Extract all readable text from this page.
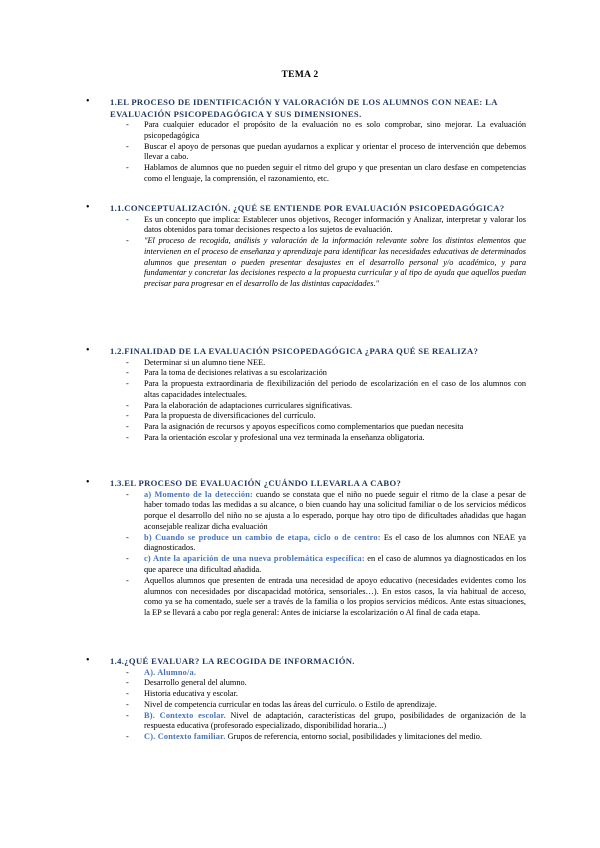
TEMA 2
• 1.EL PROCESO DE IDENTIFICACIÓN Y VALORACIÓN DE LOS ALUMNOS CON NEAE: LA EVALUACIÓN PSICOPEDAGÓGICA Y SUS DIMENSIONES.
- Para cualquier educador el propósito de la evaluación no es solo comprobar, sino mejorar. La evaluación psicopedagógica
- Buscar el apoyo de personas que puedan ayudarnos a explicar y orientar el proceso de intervención que debemos llevar a cabo.
- Hablamos de alumnos que no pueden seguir el ritmo del grupo y que presentan un claro desfase en competencias como el lenguaje, la comprensión, el razonamiento, etc.
• 1.1.CONCEPTUALIZACIÓN. ¿QUÉ SE ENTIENDE POR EVALUACIÓN PSICOPEDAGÓGICA?
- Es un concepto que implica: Establecer unos objetivos, Recoger información y Analizar, interpretar y valorar los datos obtenidos para tomar decisiones respecto a los sujetos de evaluación.
- "El proceso de recogida, análisis y valoración de la información relevante sobre los distintos elementos que intervienen en el proceso de enseñanza y aprendizaje para identificar las necesidades educativas de determinados alumnos que presentan o pueden presentar desajustes en el desarrollo personal y/o académico, y para fundamentar y concretar las decisiones respecto a la propuesta curricular y al tipo de ayuda que aquellos puedan precisar para progresar en el desarrollo de las distintas capacidades."
• 1.2.FINALIDAD DE LA EVALUACIÓN PSICOPEDAGÓGICA ¿PARA QUÉ SE REALIZA?
- Determinar si un alumno tiene NEE.
- Para la toma de decisiones relativas a su escolarización
- Para la propuesta extraordinaria de flexibilización del periodo de escolarización en el caso de los alumnos con altas capacidades intelectuales.
- Para la elaboración de adaptaciones curriculares significativas.
- Para la propuesta de diversificaciones del currículo.
- Para la asignación de recursos y apoyos específicos como complementarios que puedan necesita
- Para la orientación escolar y profesional una vez terminada la enseñanza obligatoria.
• 1.3.EL PROCESO DE EVALUACIÓN ¿CUÁNDO LLEVARLA A CABO?
- a) Momento de la detección: cuando se constata que el niño no puede seguir el ritmo de la clase a pesar de haber tomado todas las medidas a su alcance, o bien cuando hay una solicitud familiar o de los servicios médicos porque el desarrollo del niño no se ajusta a lo esperado, porque hay otro tipo de dificultades añadidas que hagan aconsejable realizar dicha evaluación
- b) Cuando se produce un cambio de etapa, ciclo o de centro: Es el caso de los alumnos con NEAE ya diagnosticados.
- c) Ante la aparición de una nueva problemática específica: en el caso de alumnos ya diagnosticados en los que aparece una dificultad añadida.
- Aquellos alumnos que presenten de entrada una necesidad de apoyo educativo (necesidades evidentes como los alumnos con necesidades por discapacidad motórica, sensoriales…). En estos casos, la vía habitual de acceso, como ya se ha comentado, suele ser a través de la familia o los propios servicios médicos. Ante estas situaciones, la EP se llevará a cabo por regla general: Antes de iniciarse la escolarización o Al final de cada etapa.
• 1.4.¿QUÉ EVALUAR? LA RECOGIDA DE INFORMACIÓN.
- A). Alumno/a.
- Desarrollo general del alumno.
- Historia educativa y escolar.
- Nivel de competencia curricular en todas las áreas del currículo. o Estilo de aprendizaje.
- B). Contexto escolar. Nivel de adaptación, características del grupo, posibilidades de organización de la respuesta educativa (profesorado especializado, disponibilidad horaria...)
- C). Contexto familiar. Grupos de referencia, entorno social, posibilidades y limitaciones del medio.
